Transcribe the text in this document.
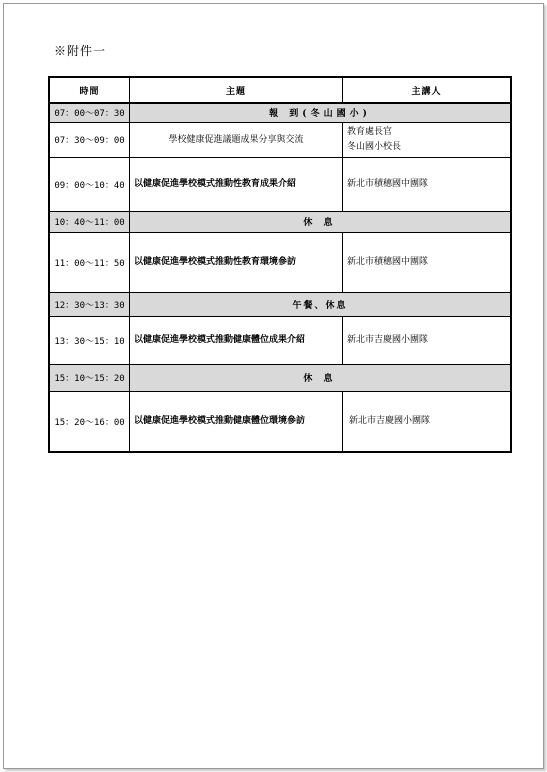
※附件一
時間	主題	主講人
07：00～07：30	報 到(冬山國小)	
07：30～09：00	學校健康促進議題成果分享與交流	教育處長官
冬山國小校長

09：00～10：40	以健康促進學校模式推動性教育成果介紹	新北市積穗國中團隊
10：40～11：00	休 息	
11：00～11：50	以健康促進學校模式推動性教育環境參訪	新北市積穗國中團隊
12：30～13：30	午餐、休息	
13：30～15：10	以健康促進學校模式推動健康體位成果介紹	新北市吉慶國小團隊
15：10～15：20	休 息	
15：20～16：00	以健康促進學校模式推動健康體位環境參訪	新北市吉慶國小團隊
